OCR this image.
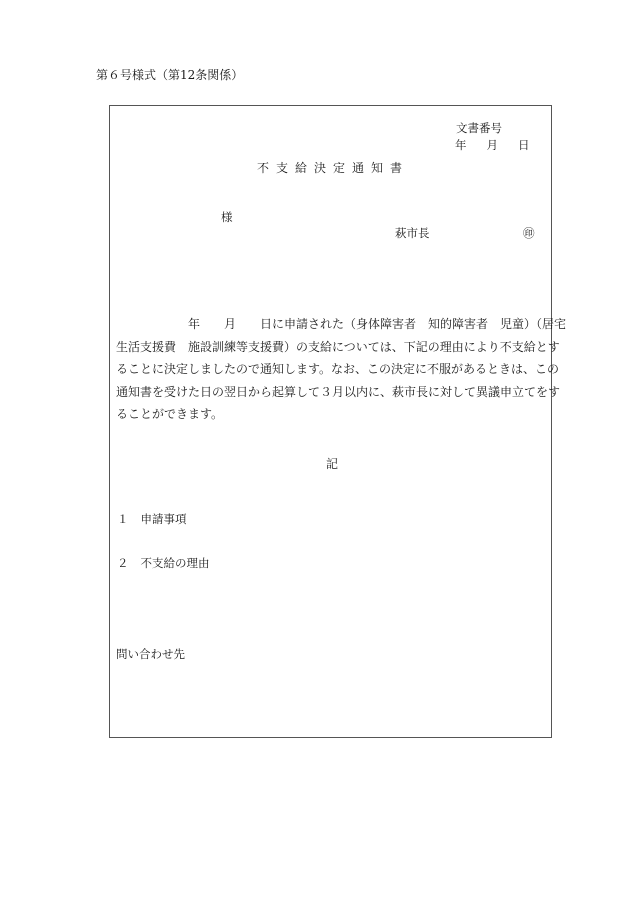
第６号様式（第12条関係）
文書番号
年 月 日
不支給決定通知書
様
萩市長	㊞
　　　　　　年　　月　　日に申請された（身体障害者　知的障害者　児童）（居宅
生活支援費　施設訓練等支援費）の支給については、下記の理由により不支給とす
ることに決定しましたので通知します。なお、この決定に不服があるときは、この
通知書を受けた日の翌日から起算して３月以内に、萩市長に対して異議申立てをす
ることができます。
記
１ 申請事項
２ 不支給の理由
問い合わせ先
